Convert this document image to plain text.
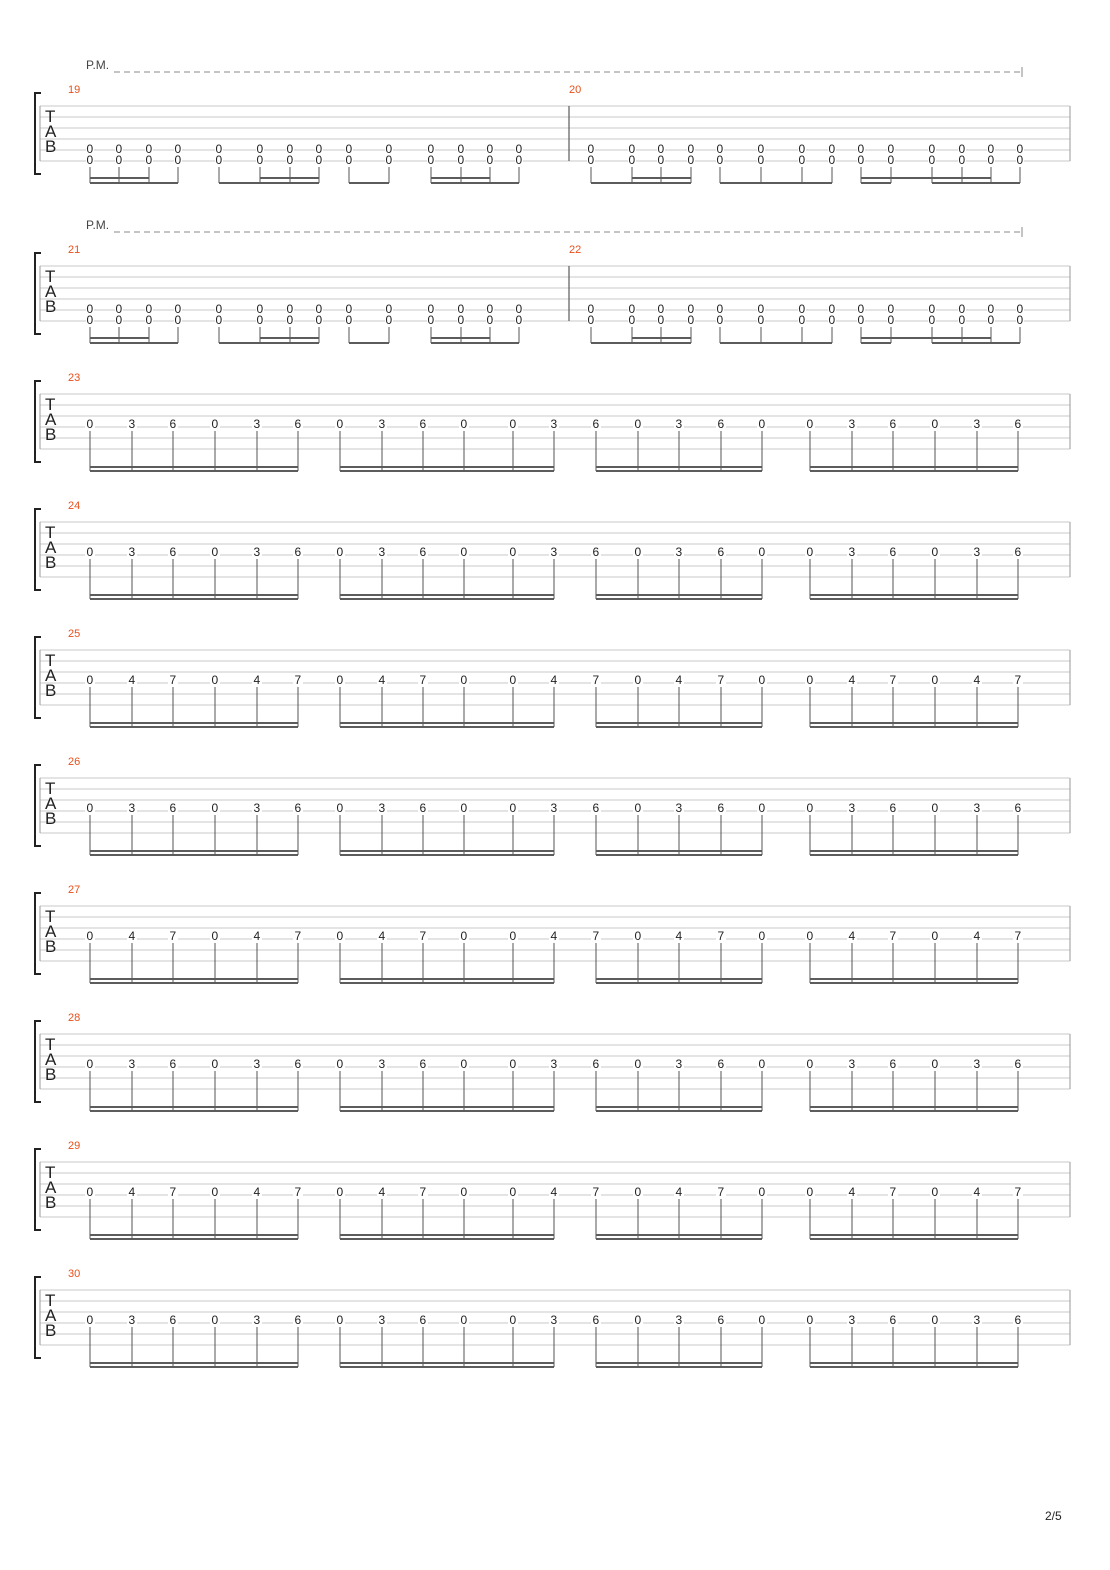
T
A
B
P.M.
19
0
0
0
0
0
0
0
0
0
0
0
0
0
0
0
0
0
0
0
0
0
0
0
0
0
0
0
0
20
0
0
0
0
0
0
0
0
0
0
0
0
0
0
0
0
0
0
0
0
0
0
0
0
0
0
0
0
T
A
B
P.M.
21
0
0
0
0
0
0
0
0
0
0
0
0
0
0
0
0
0
0
0
0
0
0
0
0
0
0
0
0
22
0
0
0
0
0
0
0
0
0
0
0
0
0
0
0
0
0
0
0
0
0
0
0
0
0
0
0
0
T
A
B
23
0	3	6	0	3	6	0	3	6	0	0	3	6	0	3	6	0	0	3	6	0	3	6
T
A
B
24
0	3	6	0	3	6	0	3	6	0	0	3	6	0	3	6	0	0	3	6	0	3	6
T
A
B
25
0	4	7	0	4	7	0	4	7	0	0	4	7	0	4	7	0	0	4	7	0	4	7
T
A
B
26
0	3	6	0	3	6	0	3	6	0	0	3	6	0	3	6	0	0	3	6	0	3	6
T
A
B
27
0	4	7	0	4	7	0	4	7	0	0	4	7	0	4	7	0	0	4	7	0	4	7
T
A
B
28
0	3	6	0	3	6	0	3	6	0	0	3	6	0	3	6	0	0	3	6	0	3	6
T
A
B
29
0	4	7	0	4	7	0	4	7	0	0	4	7	0	4	7	0	0	4	7	0	4	7
T
A
B
30
0	3	6	0	3	6	0	3	6	0	0	3	6	0	3	6	0	0	3	6	0	3	6
2/5
